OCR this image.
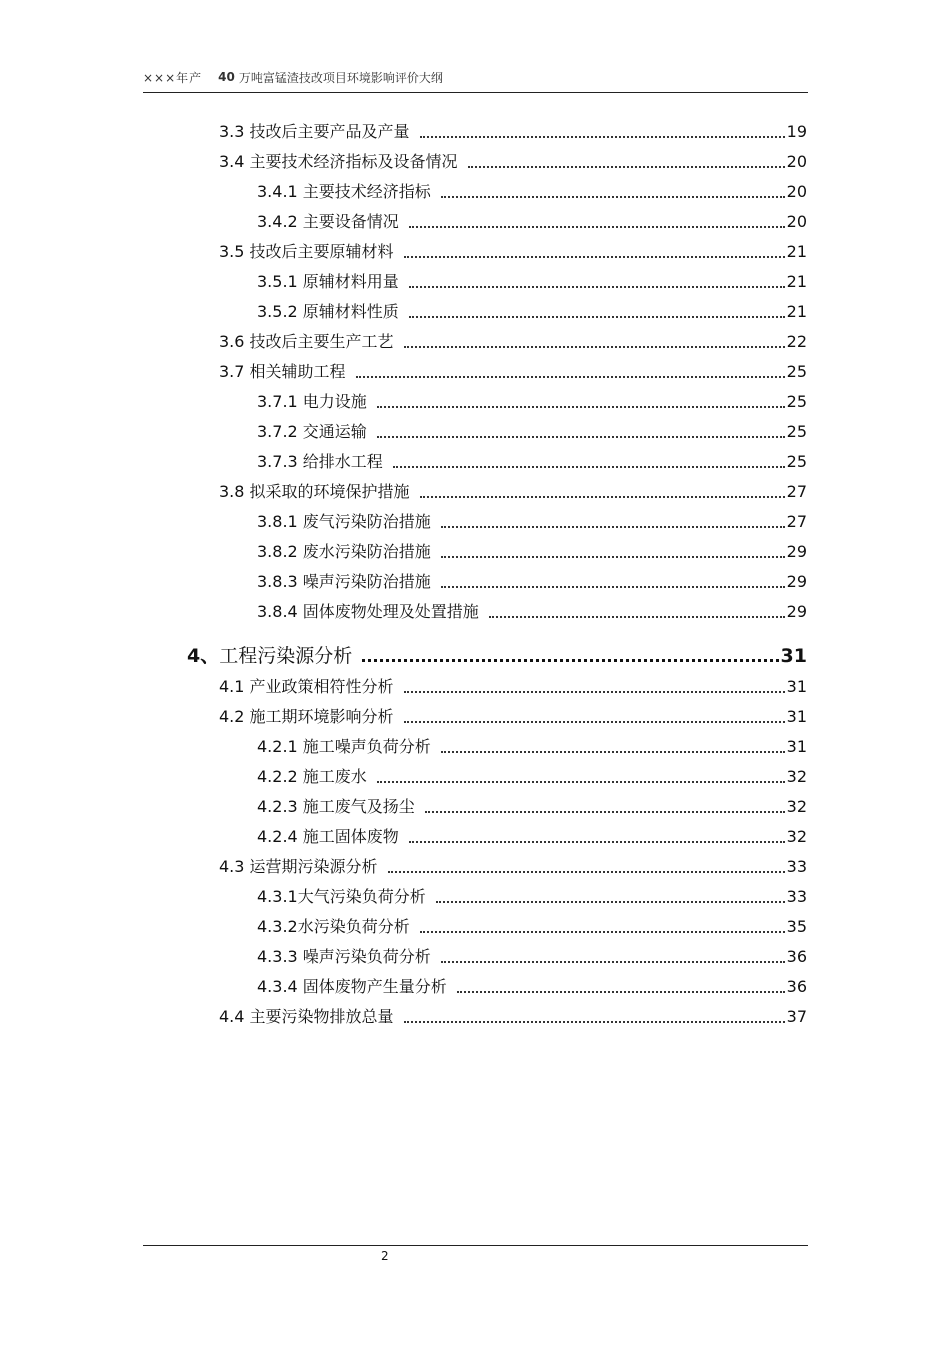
×××年产 40 万吨富锰渣技改项目环境影响评价大纲
3.3 技改后主要产品及产量	19
3.4 主要技术经济指标及设备情况	20
3.4.1 主要技术经济指标	20
3.4.2 主要设备情况	20
3.5 技改后主要原辅材料	21
3.5.1 原辅材料用量	21
3.5.2 原辅材料性质	21
3.6 技改后主要生产工艺	22
3.7 相关辅助工程	25
3.7.1 电力设施	25
3.7.2 交通运输	25
3.7.3 给排水工程	25
3.8 拟采取的环境保护措施	27
3.8.1 废气污染防治措施	27
3.8.2 废水污染防治措施	29
3.8.3 噪声污染防治措施	29
3.8.4 固体废物处理及处置措施	29
4、 工程污染源分析	31
4.1 产业政策相符性分析	31
4.2 施工期环境影响分析	31
4.2.1 施工噪声负荷分析	31
4.2.2 施工废水	32
4.2.3 施工废气及扬尘	32
4.2.4 施工固体废物	32
4.3 运营期污染源分析	33
4.3.1 大气污染负荷分析	33
4.3.2 水污染负荷分析	35
4.3.3 噪声污染负荷分析	36
4.3.4 固体废物产生量分析	36
4.4 主要污染物排放总量	37
2
